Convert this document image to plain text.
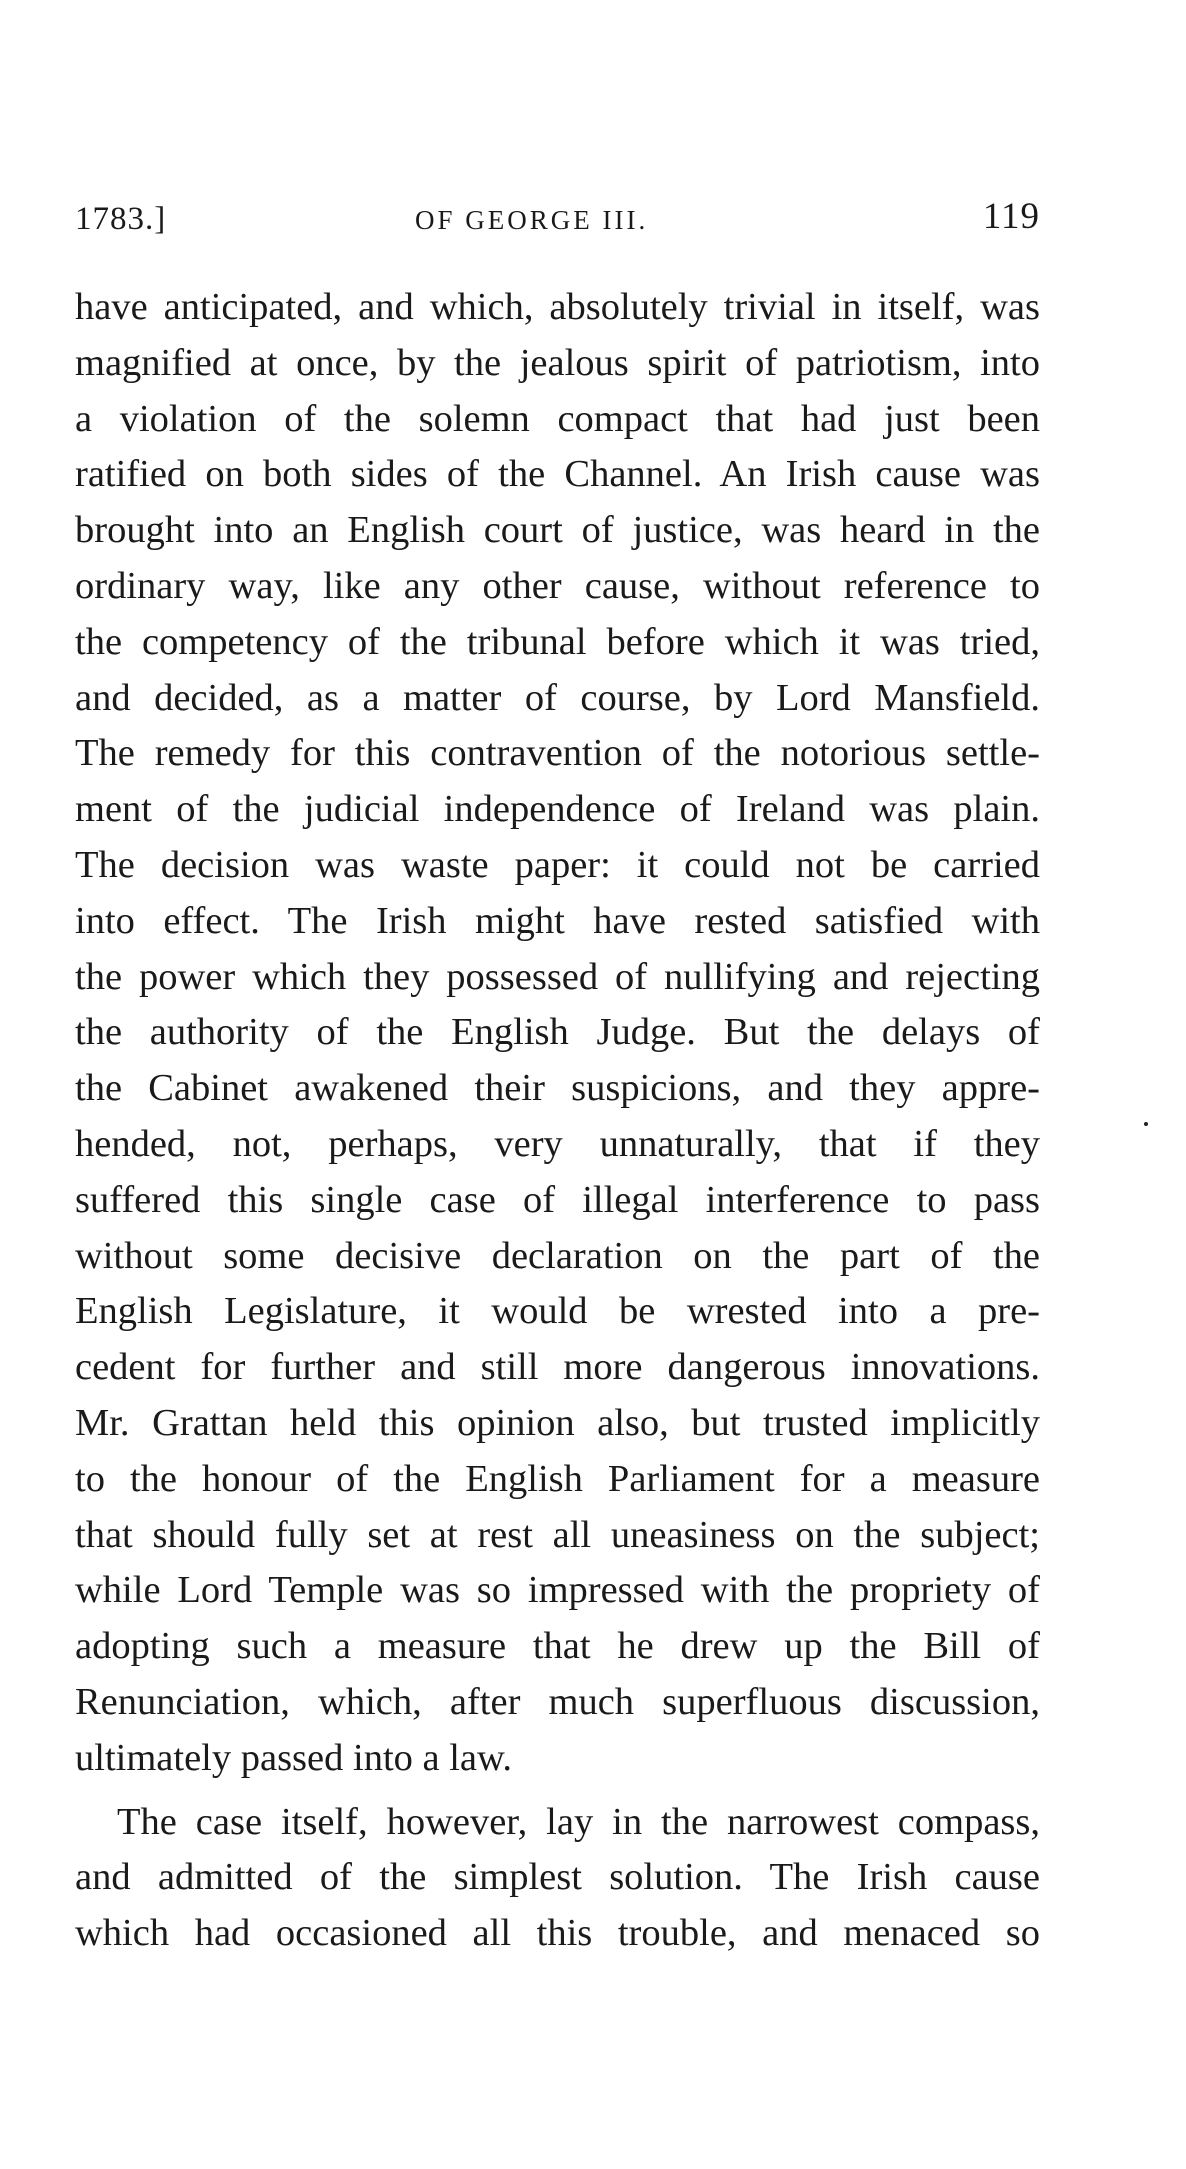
1783.]	OF GEORGE III.	119
have anticipated, and which, absolutely trivial in itself, was
magnified at once, by the jealous spirit of patriotism, into
a violation of the solemn compact that had just been
ratified on both sides of the Channel. An Irish cause was
brought into an English court of justice, was heard in the
ordinary way, like any other cause, without reference to
the competency of the tribunal before which it was tried,
and decided, as a matter of course, by Lord Mansfield.
The remedy for this contravention of the notorious settle-
ment of the judicial independence of Ireland was plain.
The decision was waste paper: it could not be carried
into effect. The Irish might have rested satisfied with
the power which they possessed of nullifying and rejecting
the authority of the English Judge. But the delays of
the Cabinet awakened their suspicions, and they appre-
hended, not, perhaps, very unnaturally, that if they
suffered this single case of illegal interference to pass
without some decisive declaration on the part of the
English Legislature, it would be wrested into a pre-
cedent for further and still more dangerous innovations.
Mr. Grattan held this opinion also, but trusted implicitly
to the honour of the English Parliament for a measure
that should fully set at rest all uneasiness on the subject;
while Lord Temple was so impressed with the propriety of
adopting such a measure that he drew up the Bill of
Renunciation, which, after much superfluous discussion,
ultimately passed into a law.
The case itself, however, lay in the narrowest compass,
and admitted of the simplest solution. The Irish cause
which had occasioned all this trouble, and menaced so
